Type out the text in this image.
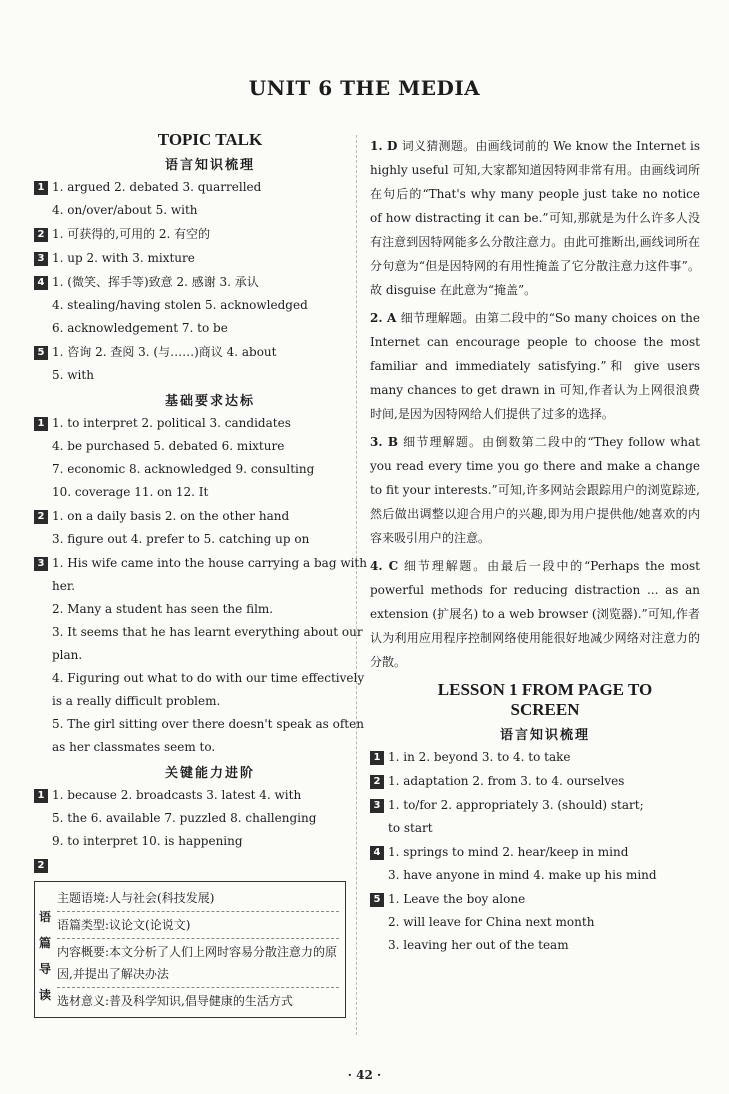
UNIT 6 THE MEDIA
TOPIC TALK
语言知识梳理
1 1. argued 2. debated 3. quarrelled
4. on/over/about 5. with
2 1. 可获得的,可用的 2. 有空的
3 1. up 2. with 3. mixture
4 1. (微笑、挥手等)致意 2. 感谢 3. 承认
4. stealing/having stolen 5. acknowledged
6. acknowledgement 7. to be
5 1. 咨询 2. 查阅 3. (与……)商议 4. about
5. with
基础要求达标
1 1. to interpret 2. political 3. candidates
4. be purchased 5. debated 6. mixture
7. economic 8. acknowledged 9. consulting
10. coverage 11. on 12. It
2 1. on a daily basis 2. on the other hand
3. figure out 4. prefer to 5. catching up on
3 1. His wife came into the house carrying a bag with
her.
2. Many a student has seen the film.
3. It seems that he has learnt everything about our
plan.
4. Figuring out what to do with our time effectively
is a really difficult problem.
5. The girl sitting over there doesn't speak as often
as her classmates seem to.
关键能力进阶
1 1. because 2. broadcasts 3. latest 4. with
5. the 6. available 7. puzzled 8. challenging
9. to interpret 10. is happening
2
语
篇
导
读
主题语境:人与社会(科技发展)
语篇类型:议论文(论说文)
内容概要:本文分析了人们上网时容易分散注意力的原因,并提出了解决办法
选材意义:普及科学知识,倡导健康的生活方式
1. D 词义猜测题。由画线词前的 We know the Internet is highly useful 可知,大家都知道因特网非常有用。由画线词所在句后的“That's why many people just take no notice of how distracting it can be.”可知,那就是为什么许多人没有注意到因特网能多么分散注意力。由此可推断出,画线词所在分句意为“但是因特网的有用性掩盖了它分散注意力这件事”。故 disguise 在此意为“掩盖”。
2. A 细节理解题。由第二段中的“So many choices on the Internet can encourage people to choose the most familiar and immediately satisfying.”和 give users many chances to get drawn in 可知,作者认为上网很浪费时间,是因为因特网给人们提供了过多的选择。
3. B 细节理解题。由倒数第二段中的“They follow what you read every time you go there and make a change to fit your interests.”可知,许多网站会跟踪用户的浏览踪迹,然后做出调整以迎合用户的兴趣,即为用户提供他/她喜欢的内容来吸引用户的注意。
4. C 细节理解题。由最后一段中的“Perhaps the most powerful methods for reducing distraction ... as an extension (扩展名) to a web browser (浏览器).”可知,作者认为利用应用程序控制网络使用能很好地减少网络对注意力的分散。
LESSON 1 FROM PAGE TO
SCREEN
语言知识梳理
1 1. in 2. beyond 3. to 4. to take
2 1. adaptation 2. from 3. to 4. ourselves
3 1. to/for 2. appropriately 3. (should) start;
to start
4 1. springs to mind 2. hear/keep in mind
3. have anyone in mind 4. make up his mind
5 1. Leave the boy alone
2. will leave for China next month
3. leaving her out of the team
· 42 ·
